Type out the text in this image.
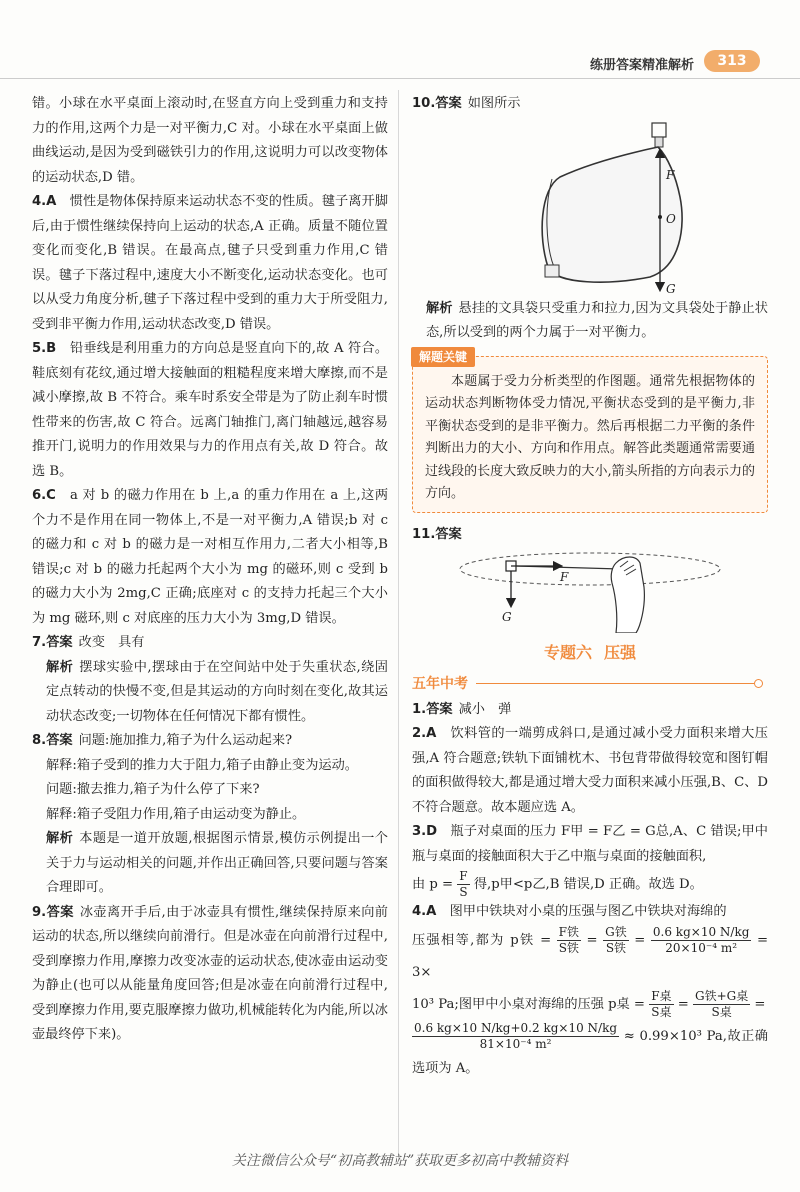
练册答案精准解析	313

错。小球在水平桌面上滚动时,在竖直方向上受到重力和支持力的作用,这两个力是一对平衡力,C 对。小球在水平桌面上做曲线运动,是因为受到磁铁引力的作用,这说明力可以改变物体的运动状态,D 错。

4.A　 惯性是物体保持原来运动状态不变的性质。毽子离开脚后,由于惯性继续保持向上运动的状态,A 正确。质量不随位置变化而变化,B 错误。在最高点,毽子只受到重力作用,C 错误。毽子下落过程中,速度大小不断变化,运动状态变化。也可以从受力角度分析,毽子下落过程中受到的重力大于所受阻力,受到非平衡力作用,运动状态改变,D 错误。

5.B　 铅垂线是利用重力的方向总是竖直向下的,故 A 符合。鞋底刻有花纹,通过增大接触面的粗糙程度来增大摩擦,而不是减小摩擦,故 B 不符合。乘车时系安全带是为了防止刹车时惯性带来的伤害,故 C 符合。远离门轴推门,离门轴越远,越容易推开门,说明力的作用效果与力的作用点有关,故 D 符合。故选 B。

6.C　 a 对 b 的磁力作用在 b 上,a 的重力作用在 a 上,这两个力不是作用在同一物体上,不是一对平衡力,A 错误;b 对 c 的磁力和 c 对 b 的磁力是一对相互作用力,二者大小相等,B 错误;c 对 b 的磁力托起两个大小为 mg 的磁环,则 c 受到 b 的磁力大小为 2mg,C 正确;底座对 c 的支持力托起三个大小为 mg 磁环,则 c 对底座的压力大小为 3mg,D 错误。

7.答案 改变　具有

解析 摆球实验中,摆球由于在空间站中处于失重状态,绕固定点转动的快慢不变,但是其运动的方向时刻在变化,故其运动状态改变;一切物体在任何情况下都有惯性。

8.答案 问题:施加推力,箱子为什么运动起来?

解释:箱子受到的推力大于阻力,箱子由静止变为运动。

问题:撤去推力,箱子为什么停了下来?

解释:箱子受阻力作用,箱子由运动变为静止。

解析 本题是一道开放题,根据图示情景,模仿示例提出一个关于力与运动相关的问题,并作出正确回答,只要问题与答案合理即可。

9.答案 冰壶离开手后,由于冰壶具有惯性,继续保持原来向前运动的状态,所以继续向前滑行。但是冰壶在向前滑行过程中,受到摩擦力作用,摩擦力改变冰壶的运动状态,使冰壶由运动变为静止(也可以从能量角度回答;但是冰壶在向前滑行过程中,受到摩擦力作用,要克服摩擦力做功,机械能转化为内能,所以冰壶最终停下来)。

10.答案 如图所示

F
O
G

解析 悬挂的文具袋只受重力和拉力,因为文具袋处于静止状态,所以受到的两个力属于一对平衡力。

解题关键

本题属于受力分析类型的作图题。通常先根据物体的运动状态判断物体受力情况,平衡状态受到的是平衡力,非平衡状态受到的是非平衡力。然后再根据二力平衡的条件判断出力的大小、方向和作用点。解答此类题通常需要通过线段的长度大致反映力的大小,箭头所指的方向表示力的方向。

11.答案

F
G
专题六 压强
五年中考

1.答案 减小　弹

2.A　 饮料管的一端剪成斜口,是通过减小受力面积来增大压强,A 符合题意;铁轨下面铺枕木、书包背带做得较宽和图钉帽的面积做得较大,都是通过增大受力面积来减小压强,B、C、D 不符合题意。故本题应选 A。

3.D　 瓶子对桌面的压力 F甲 = F乙 = G总,A、C 错误;甲中瓶与桌面的接触面积大于乙中瓶与桌面的接触面积,

由 $p = \frac{F}{S}$ 得,p甲<p乙,B 错误,D 正确。故选 D。

4.A　 图甲中铁块对小桌的压强与图乙中铁块对海绵的

压强相等,都为 p铁 = $\frac{\text{F铁}}{\text{S铁}} = \frac{\text{G铁}}{\text{S铁}} = \frac{0.6 kg\times 10 N/kg}{\text{20×10⁻⁴ m²}} = 3\times$

10³ Pa;图甲中小桌对海绵的压强 p桌 = $\frac{\text{F桌}}{\text{S桌}} = \frac{\text{G铁+G桌}}{\text{S桌}}$ =

$\frac{0.6 kg\times 10 N/kg+0.2 kg\times 10 N/kg}{\text{81×10⁻⁴ m²}} \approx 0.99\times 10^3$ Pa,故正确选项为 A。

关注微信公众号“初高教辅站”获取更多初高中教辅资料
